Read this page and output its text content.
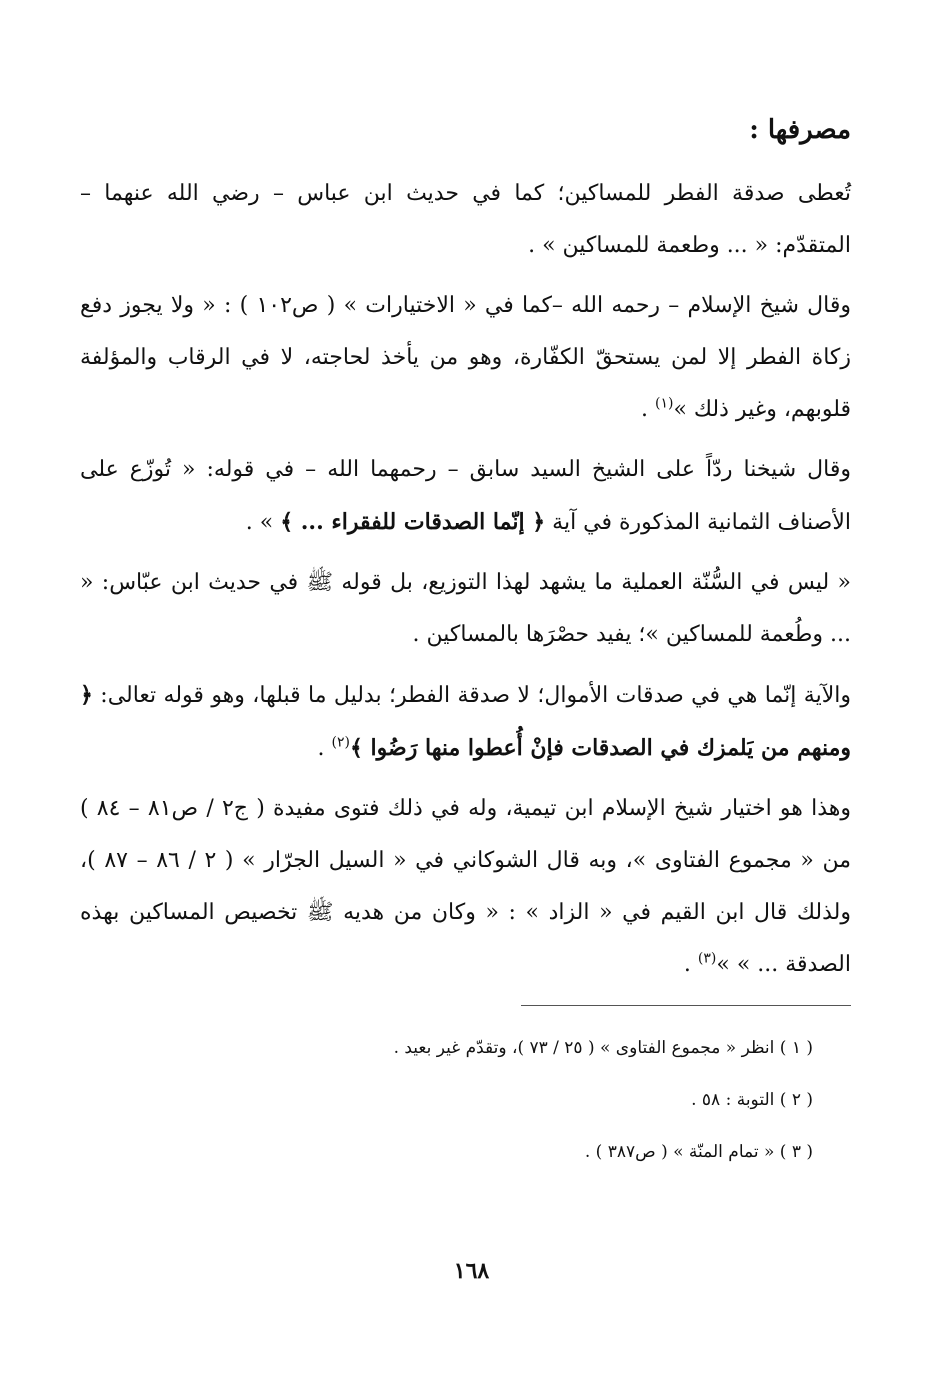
مصرفها :

تُعطى صدقة الفطر للمساكين؛ كما في حديث ابن عباس – رضي الله عنهما – المتقدّم: « ... وطعمة للمساكين » .

وقال شيخ الإسلام – رحمه الله –كما في « الاختيارات » ( ص١٠٢ ) : « ولا يجوز دفع زكاة الفطر إلا لمن يستحقّ الكفّارة، وهو من يأخذ لحاجته، لا في الرقاب والمؤلفة قلوبهم، وغير ذلك »$^{(١)}$ .

وقال شيخنا ردّاً على الشيخ السيد سابق – رحمهما الله – في قوله: « تُوزّع على الأصناف الثمانية المذكورة في آية ﴿ إنّما الصدقات للفقراء ... ﴾ » .

« ليس في السُّنّة العملية ما يشهد لهذا التوزيع، بل قوله ﷺ في حديث ابن عبّاس: « ... وطُعمة للمساكين »؛ يفيد حصْرَها بالمساكين .

والآية إنّما هي في صدقات الأموال؛ لا صدقة الفطر؛ بدليل ما قبلها، وهو قوله تعالى: ﴿ ومنهم من يَلمزك في الصدقات فإنْ أُعطوا منها رَضُوا ﴾$^{(٢)}$ .

وهذا هو اختيار شيخ الإسلام ابن تيمية، وله في ذلك فتوى مفيدة ( ج٢ / ص٨١ – ٨٤ ) من « مجموع الفتاوى »، وبه قال الشوكاني في « السيل الجرّار » ( ٢ / ٨٦ – ٨٧ )، ولذلك قال ابن القيم في « الزاد » : « وكان من هديه ﷺ تخصيص المساكين بهذه الصدقة ... » »$^{(٣)}$ .

( ١ ) انظر « مجموع الفتاوى » ( ٢٥ / ٧٣ )، وتقدّم غير بعيد .

( ٢ ) التوبة : ٥٨ .

( ٣ ) « تمام المنّة » ( ص٣٨٧ ) .

١٦٨
